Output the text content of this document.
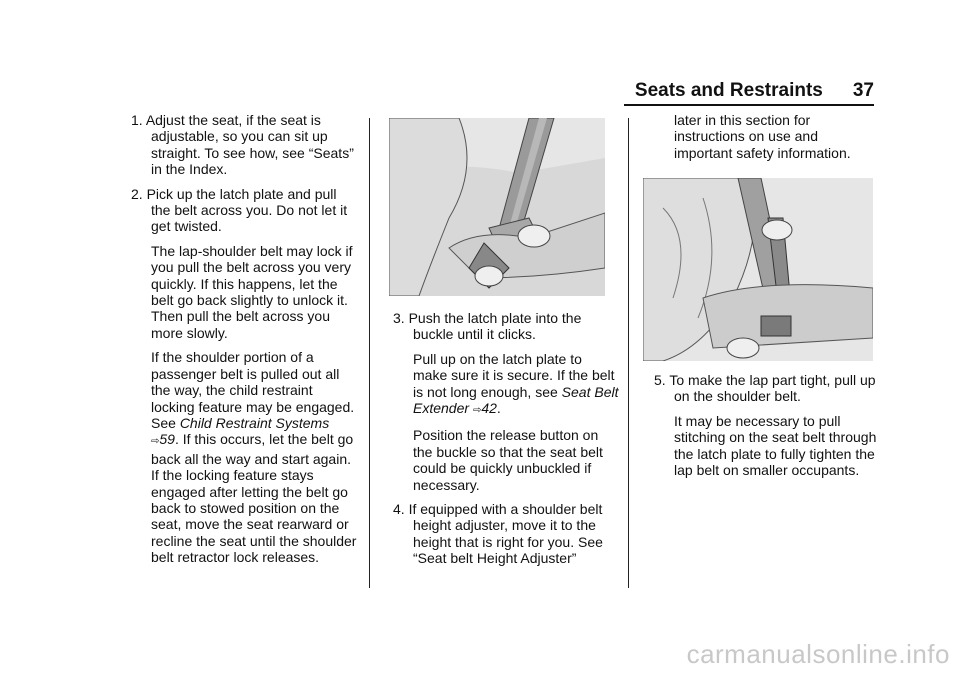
Seats and Restraints 37

1. Adjust the seat, if the seat is adjustable, so you can sit up straight. To see how, see “Seats” in the Index.

2. Pick up the latch plate and pull the belt across you. Do not let it get twisted.

The lap-shoulder belt may lock if you pull the belt across you very quickly. If this happens, let the belt go back slightly to unlock it. Then pull the belt across you more slowly.

If the shoulder portion of a passenger belt is pulled out all the way, the child restraint locking feature may be engaged. See Child Restraint Systems ⇨59. If this occurs, let the belt go back all the way and start again. If the locking feature stays engaged after letting the belt go back to stowed position on the seat, move the seat rearward or recline the seat until the shoulder belt retractor lock releases.

3. Push the latch plate into the buckle until it clicks.

Pull up on the latch plate to make sure it is secure. If the belt is not long enough, see Seat Belt Extender ⇨42.

Position the release button on the buckle so that the seat belt could be quickly unbuckled if necessary.

4. If equipped with a shoulder belt height adjuster, move it to the height that is right for you. See “Seat belt Height Adjuster”

later in this section for instructions on use and important safety information.

5. To make the lap part tight, pull up on the shoulder belt.

It may be necessary to pull stitching on the seat belt through the latch plate to fully tighten the lap belt on smaller occupants.

carmanualsonline.info
